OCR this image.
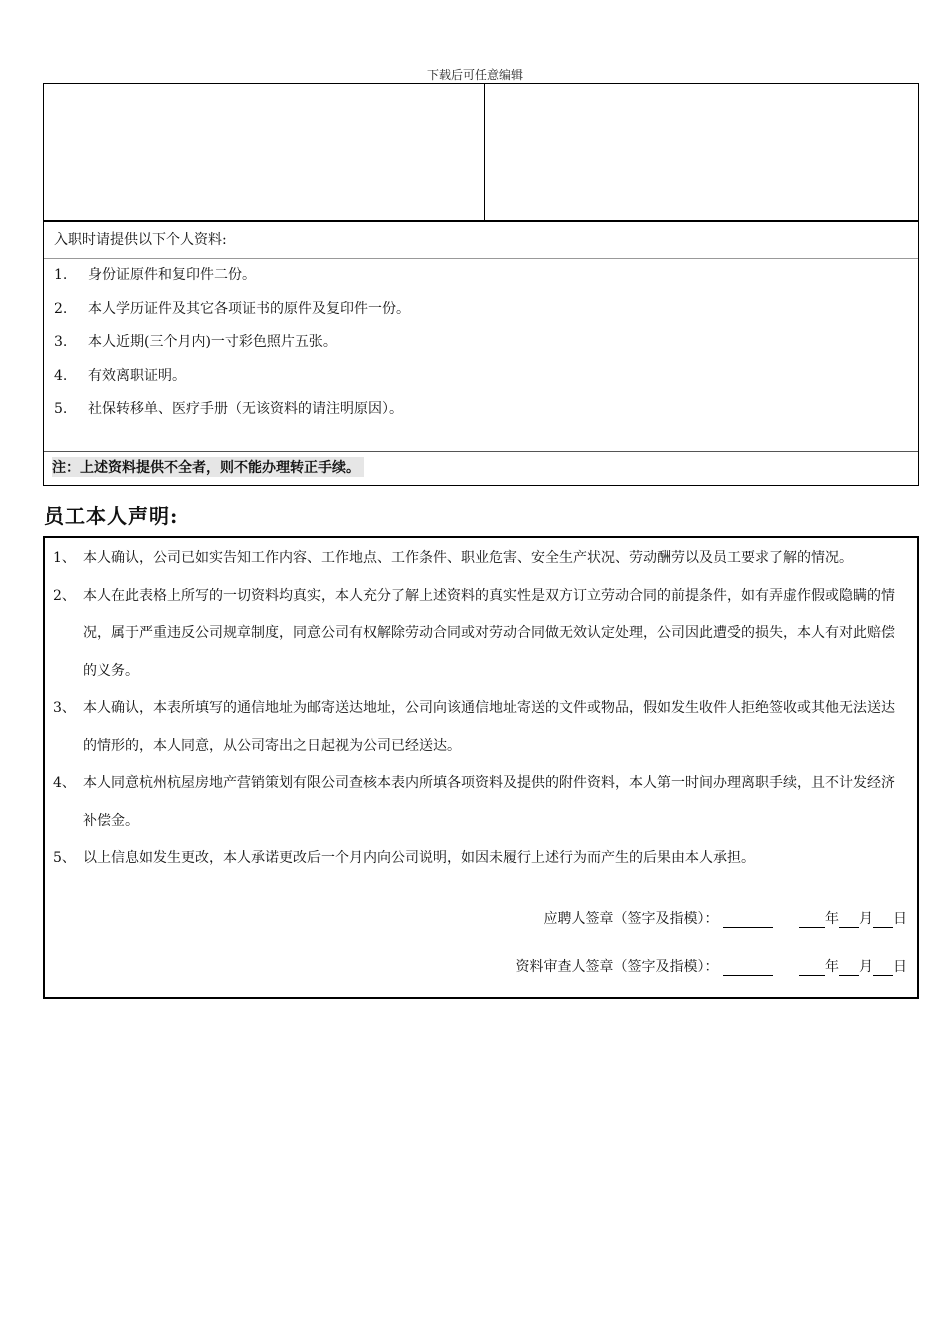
下载后可任意编辑
入职时请提供以下个人资料:
1. 身份证原件和复印件二份。
2. 本人学历证件及其它各项证书的原件及复印件一份。
3. 本人近期(三个月内)一寸彩色照片五张。
4. 有效离职证明。
5. 社保转移单、医疗手册（无该资料的请注明原因）。
注：上述资料提供不全者，则不能办理转正手续。
员工本人声明:
1、 本人确认，公司已如实告知工作内容、工作地点、工作条件、职业危害、安全生产状况、劳动酬劳以及员工要求了解的情况。
2、 本人在此表格上所写的一切资料均真实，本人充分了解上述资料的真实性是双方订立劳动合同的前提条件，如有弄虚作假或隐瞒的情况，属于严重违反公司规章制度，同意公司有权解除劳动合同或对劳动合同做无效认定处理，公司因此遭受的损失，本人有对此赔偿的义务。
3、 本人确认，本表所填写的通信地址为邮寄送达地址，公司向该通信地址寄送的文件或物品，假如发生收件人拒绝签收或其他无法送达的情形的，本人同意，从公司寄出之日起视为公司已经送达。
4、 本人同意杭州杭屋房地产营销策划有限公司查核本表内所填各项资料及提供的附件资料，本人第一时间办理离职手续，且不计发经济补偿金。
5、 以上信息如发生更改，本人承诺更改后一个月内向公司说明，如因未履行上述行为而产生的后果由本人承担。
应聘人签章（签字及指模）：	年 月 日
资料审查人签章（签字及指模）：	年 月 日
